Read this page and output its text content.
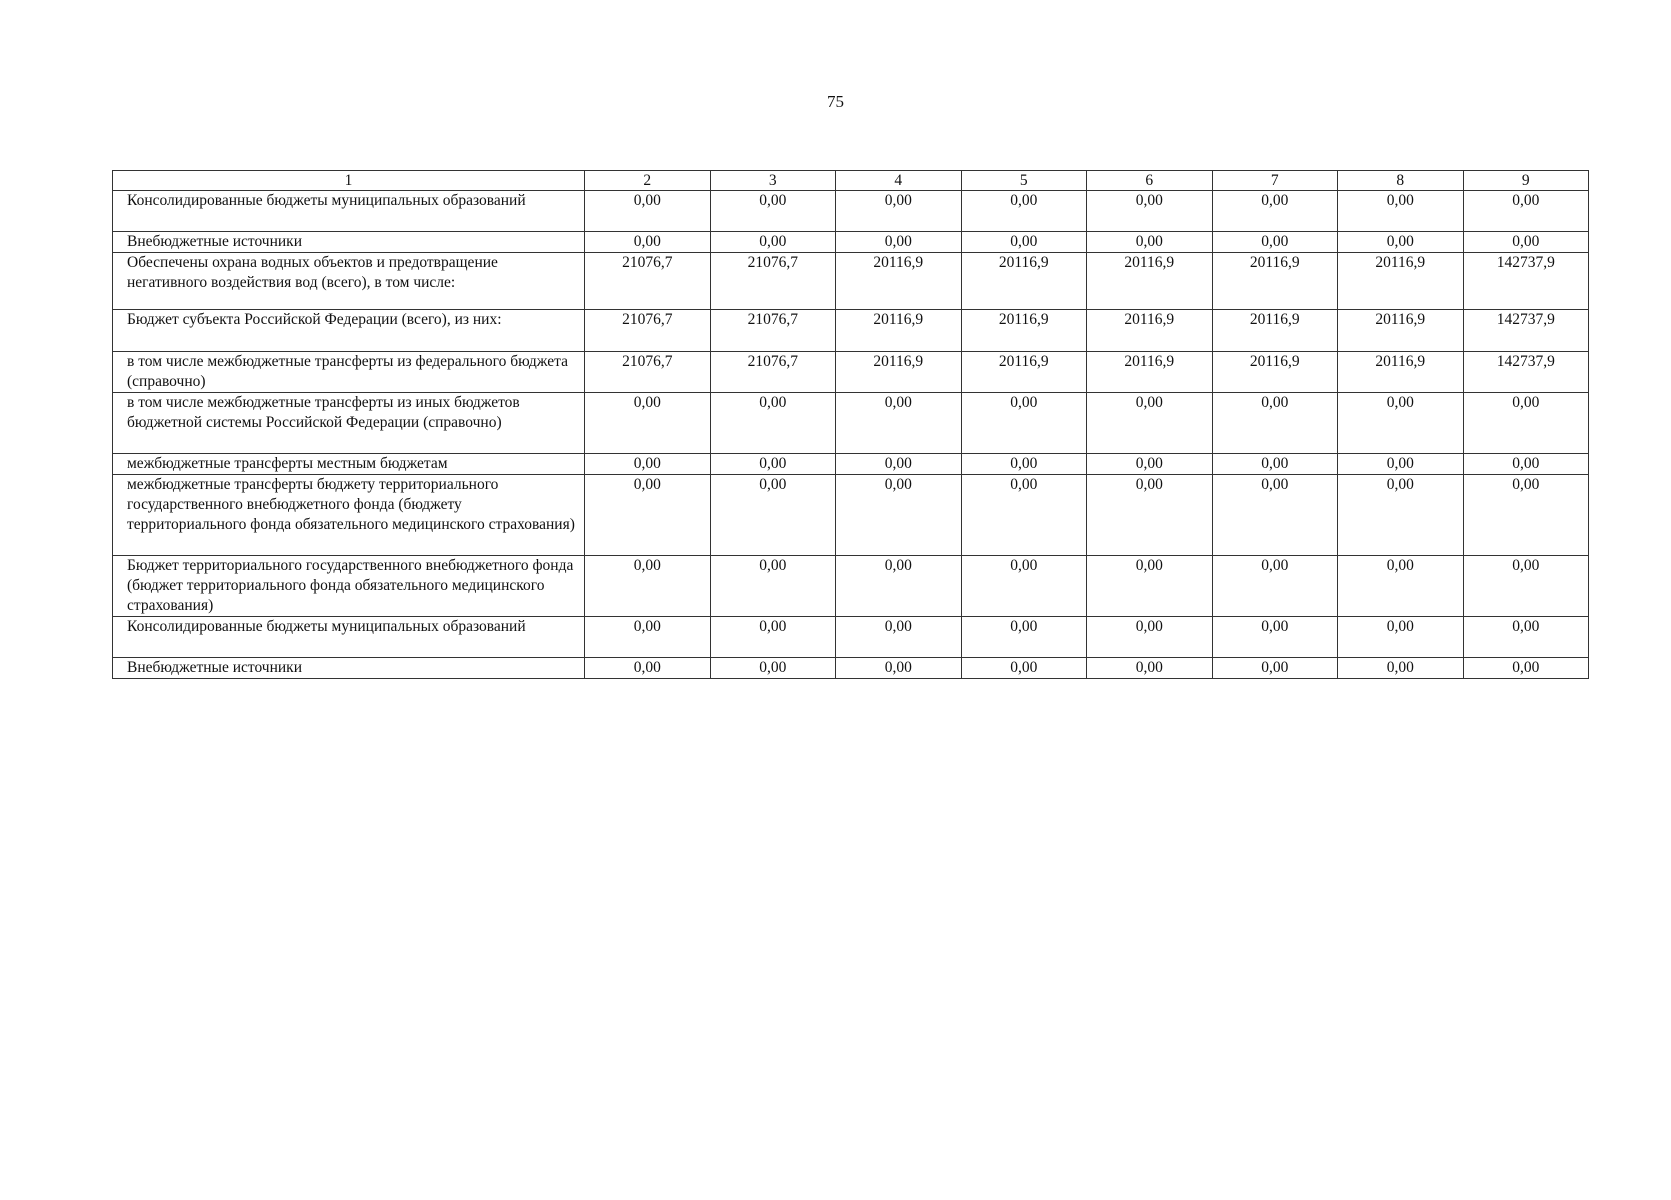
75
1	2	3	4	5	6	7	8	9
Консолидированные бюджеты муниципальных образований	0,00	0,00	0,00	0,00	0,00	0,00	0,00	0,00
Внебюджетные источники	0,00	0,00	0,00	0,00	0,00	0,00	0,00	0,00
Обеспечены охрана водных объектов и предотвращение негативного воздействия вод (всего), в том числе:	21076,7	21076,7	20116,9	20116,9	20116,9	20116,9	20116,9	142737,9
Бюджет субъекта Российской Федерации (всего), из них:	21076,7	21076,7	20116,9	20116,9	20116,9	20116,9	20116,9	142737,9
в том числе межбюджетные трансферты из федерального бюджета (справочно)	21076,7	21076,7	20116,9	20116,9	20116,9	20116,9	20116,9	142737,9
в том числе межбюджетные трансферты из иных бюджетов бюджетной системы Российской Федерации (справочно)	0,00	0,00	0,00	0,00	0,00	0,00	0,00	0,00
межбюджетные трансферты местным бюджетам	0,00	0,00	0,00	0,00	0,00	0,00	0,00	0,00
межбюджетные трансферты бюджету территориального государственного внебюджетного фонда (бюджету территориального фонда обязательного медицинского страхования)	0,00	0,00	0,00	0,00	0,00	0,00	0,00	0,00
Бюджет территориального государственного внебюджетного фонда (бюджет территориального фонда обязательного медицинского страхования)	0,00	0,00	0,00	0,00	0,00	0,00	0,00	0,00
Консолидированные бюджеты муниципальных образований	0,00	0,00	0,00	0,00	0,00	0,00	0,00	0,00
Внебюджетные источники	0,00	0,00	0,00	0,00	0,00	0,00	0,00	0,00
